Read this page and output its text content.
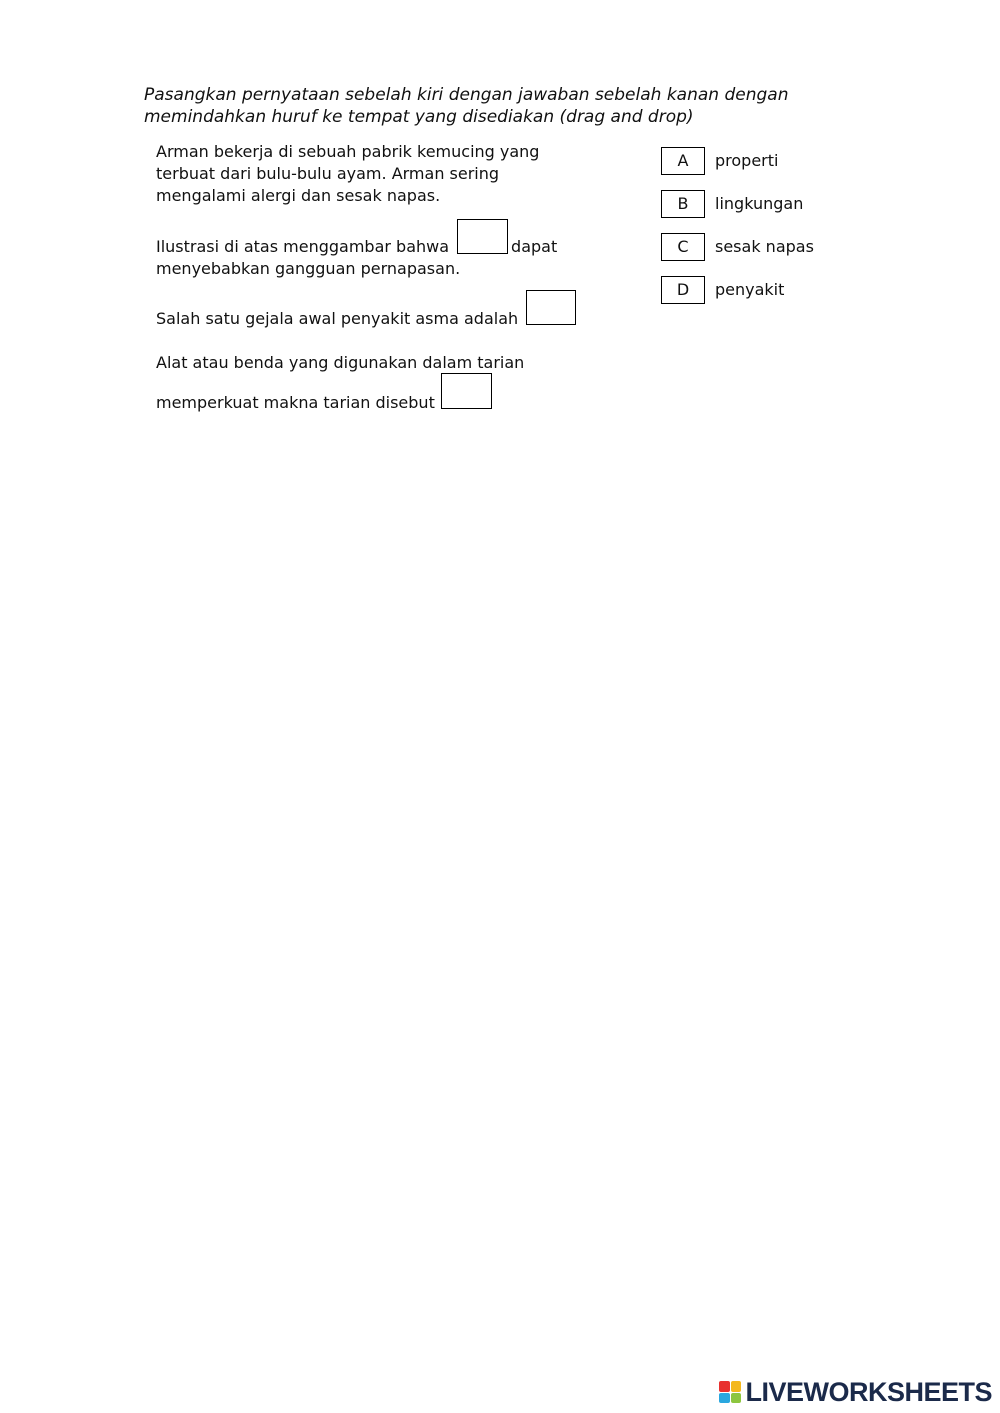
Pasangkan pernyataan sebelah kiri dengan jawaban sebelah kanan dengan memindahkan huruf ke tempat yang disediakan (drag and drop)
Arman bekerja di sebuah pabrik kemucing yang terbuat dari bulu-bulu ayam. Arman sering mengalami alergi dan sesak napas.
Ilustrasi di atas menggambar bahwa	dapat
menyebabkan gangguan pernapasan.
Salah satu gejala awal penyakit asma adalah
Alat atau benda yang digunakan dalam tarian
memperkuat makna tarian disebut
A	properti
B	lingkungan
C	sesak napas
D	penyakit
LIVEWORKSHEETS
